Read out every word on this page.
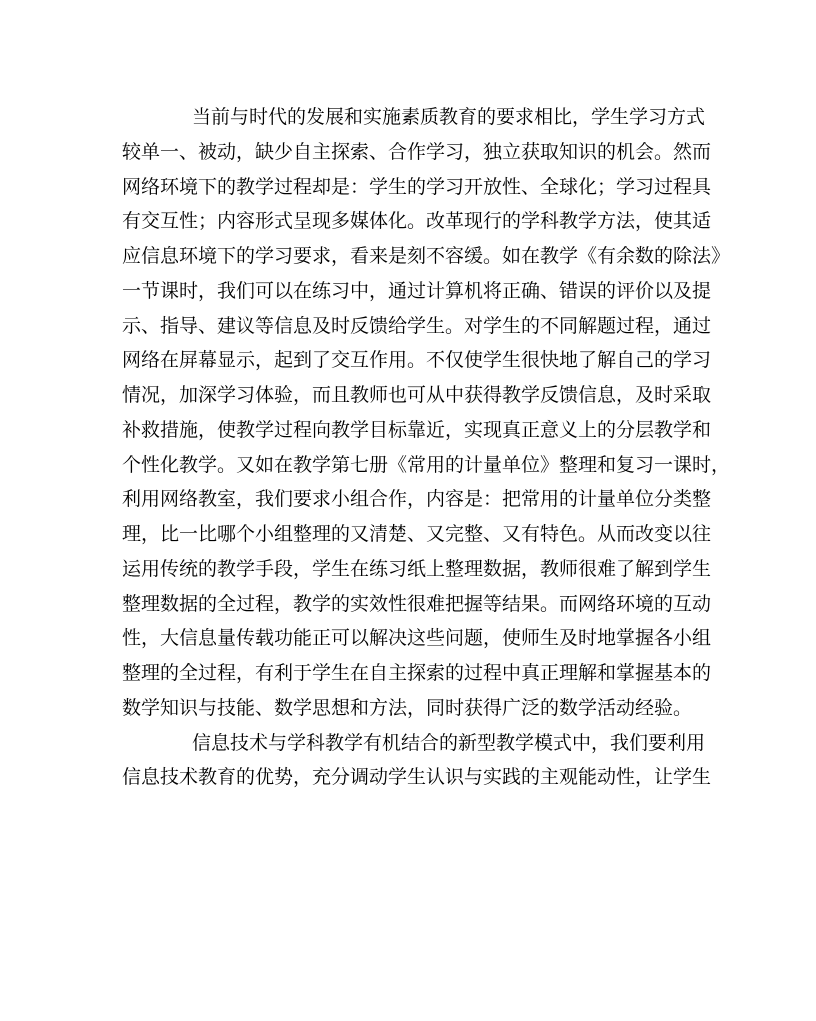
当前与时代的发展和实施素质教育的要求相比，学生学习方式
较单一、被动，缺少自主探索、合作学习，独立获取知识的机会。然而
网络环境下的教学过程却是：学生的学习开放性、全球化；学习过程具
有交互性；内容形式呈现多媒体化。改革现行的学科教学方法，使其适
应信息环境下的学习要求，看来是刻不容缓。如在教学《有余数的除法》
一节课时，我们可以在练习中，通过计算机将正确、错误的评价以及提
示、指导、建议等信息及时反馈给学生。对学生的不同解题过程，通过
网络在屏幕显示，起到了交互作用。不仅使学生很快地了解自己的学习
情况，加深学习体验，而且教师也可从中获得教学反馈信息，及时采取
补救措施，使教学过程向教学目标靠近，实现真正意义上的分层教学和
个性化教学。又如在教学第七册《常用的计量单位》整理和复习一课时，
利用网络教室，我们要求小组合作，内容是：把常用的计量单位分类整
理，比一比哪个小组整理的又清楚、又完整、又有特色。从而改变以往
运用传统的教学手段，学生在练习纸上整理数据，教师很难了解到学生
整理数据的全过程，教学的实效性很难把握等结果。而网络环境的互动
性，大信息量传载功能正可以解决这些问题，使师生及时地掌握各小组
整理的全过程，有利于学生在自主探索的过程中真正理解和掌握基本的
数学知识与技能、数学思想和方法，同时获得广泛的数学活动经验。
信息技术与学科教学有机结合的新型教学模式中，我们要利用
信息技术教育的优势，充分调动学生认识与实践的主观能动性，让学生
